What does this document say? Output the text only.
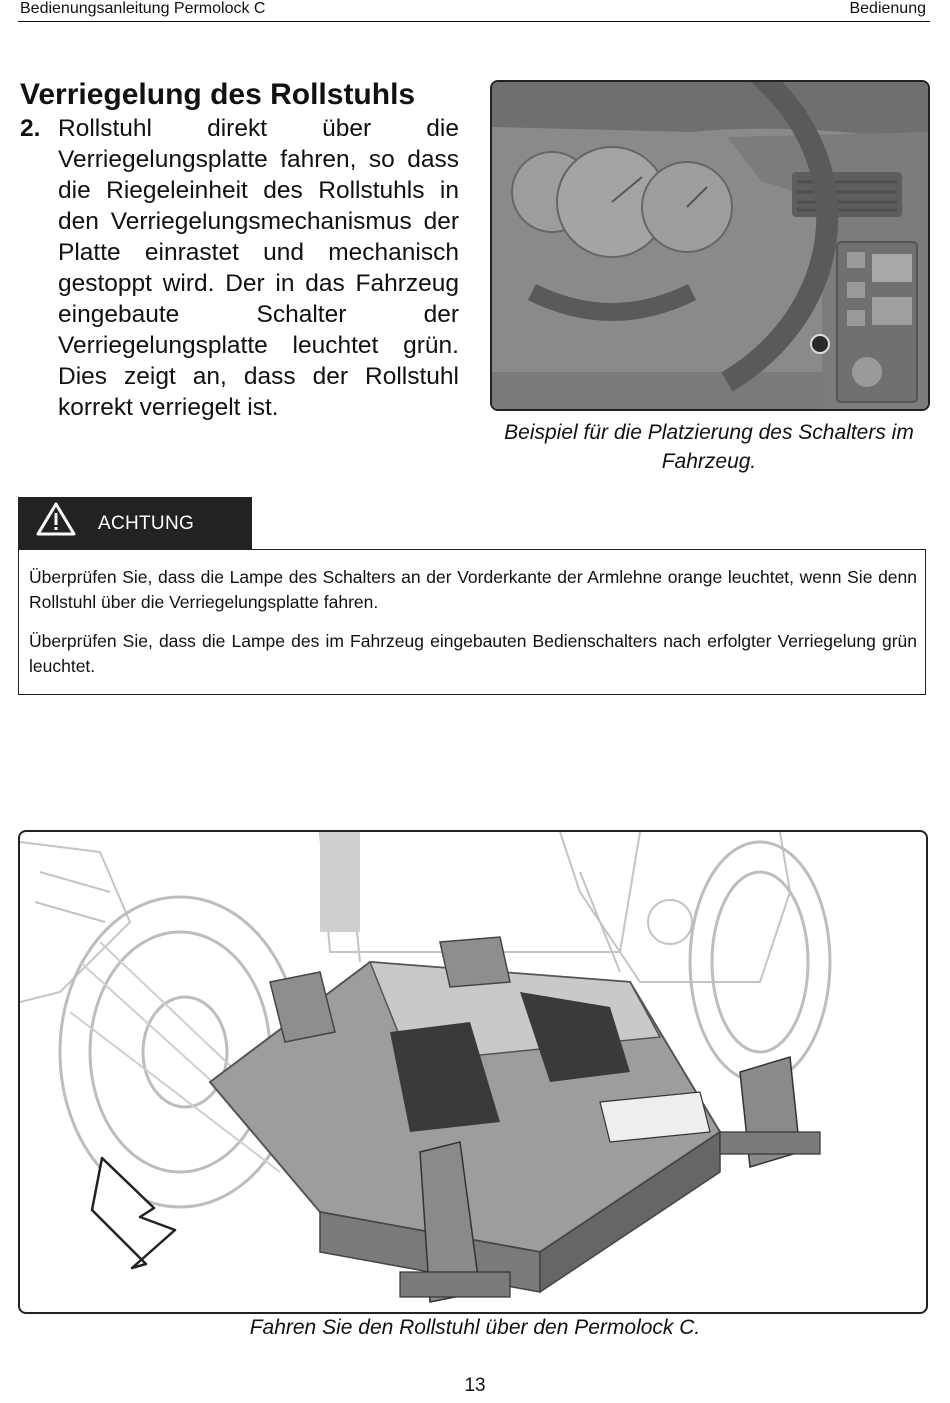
Bedienungsanleitung Permolock C	Bedienung
Verriegelung des Rollstuhls
2. Rollstuhl direkt über die Verriegelungsplatte fahren, so dass die Riegeleinheit des Rollstuhls in den Verriegelungsmechanismus der Platte einrastet und mechanisch gestoppt wird. Der in das Fahrzeug eingebaute Schalter der Verriegelungsplatte leuchtet grün. Dies zeigt an, dass der Rollstuhl korrekt verriegelt ist.
Beispiel für die Platzierung des Schalters im Fahrzeug.
ACHTUNG

Überprüfen Sie, dass die Lampe des Schalters an der Vorderkante der Armlehne orange leuchtet, wenn Sie denn Rollstuhl über die Verriegelungsplatte fahren.

Überprüfen Sie, dass die Lampe des im Fahrzeug eingebauten Bedienschalters nach erfolgter Verriegelung grün leuchtet.

Fahren Sie den Rollstuhl über den Permolock C.
13
